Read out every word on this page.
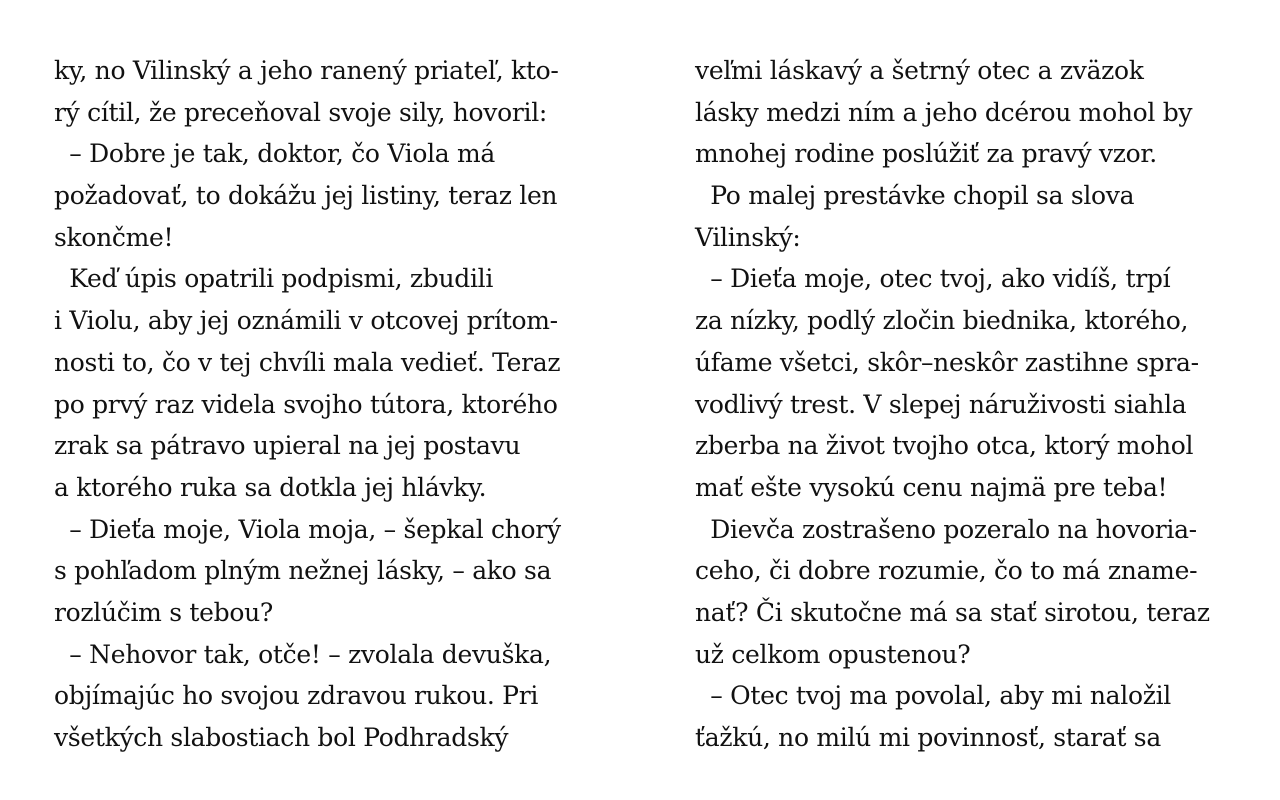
ky, no Vilinský a jeho ranený priateľ, kto-
rý cítil, že preceňoval svoje sily, hovoril:
– Dobre je tak, doktor, čo Viola má
požadovať, to dokážu jej listiny, teraz len
skončme!
Keď úpis opatrili podpismi, zbudili
i Violu, aby jej oznámili v otcovej prítom-
nosti to, čo v tej chvíli mala vedieť. Teraz
po prvý raz videla svojho tútora, ktorého
zrak sa pátravo upieral na jej postavu
a ktorého ruka sa dotkla jej hlávky.
– Dieťa moje, Viola moja, – šepkal chorý
s pohľadom plným nežnej lásky, – ako sa
rozlúčim s tebou?
– Nehovor tak, otče! – zvolala devuška,
objímajúc ho svojou zdravou rukou. Pri
všetkých slabostiach bol Podhradský
veľmi láskavý a šetrný otec a zväzok
lásky medzi ním a jeho dcérou mohol by
mnohej rodine poslúžiť za pravý vzor.
Po malej prestávke chopil sa slova
Vilinský:
– Dieťa moje, otec tvoj, ako vidíš, trpí
za nízky, podlý zločin biednika, ktorého,
úfame všetci, skôr–neskôr zastihne spra-
vodlivý trest. V slepej náruživosti siahla
zberba na život tvojho otca, ktorý mohol
mať ešte vysokú cenu najmä pre teba!
Dievča zostrašeno pozeralo na hovoria-
ceho, či dobre rozumie, čo to má zname-
nať? Či skutočne má sa stať sirotou, teraz
už celkom opustenou?
– Otec tvoj ma povolal, aby mi naložil
ťažkú, no milú mi povinnosť, starať sa
